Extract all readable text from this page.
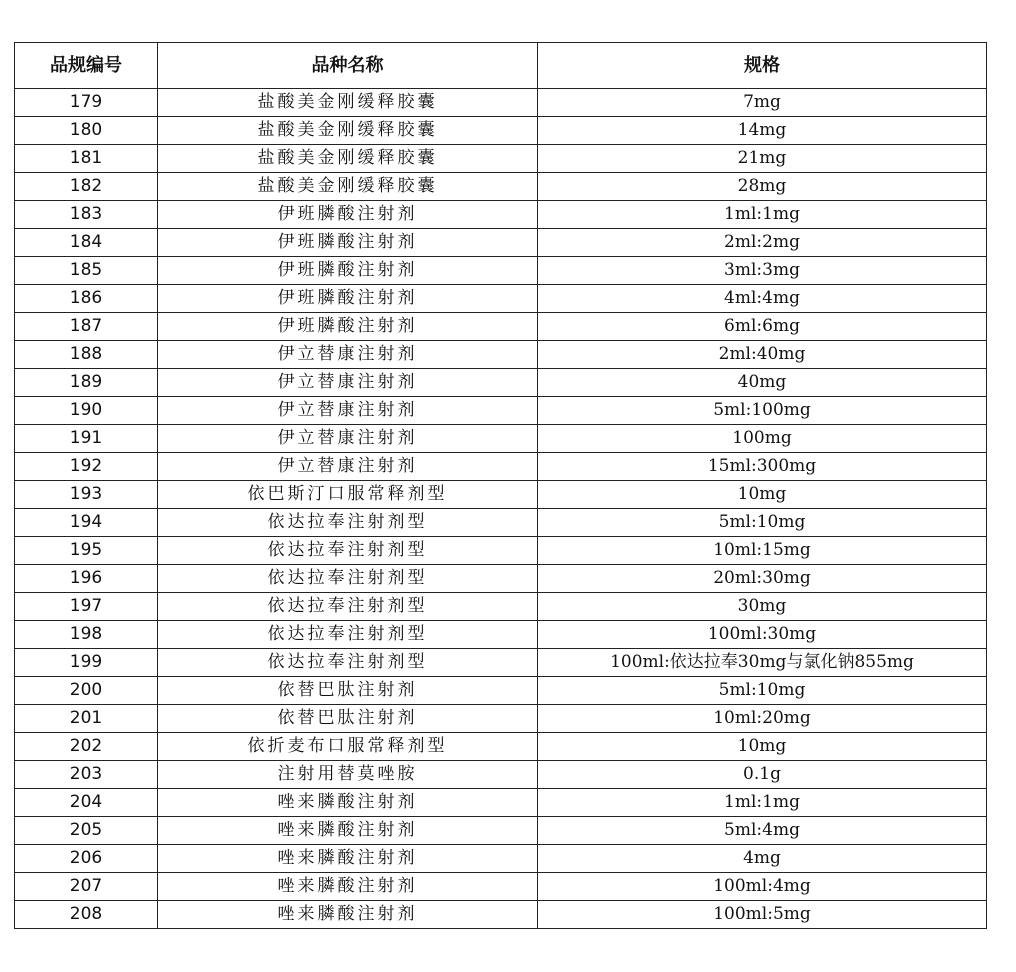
品规编号	品种名称	规格
179	盐酸美金刚缓释胶囊	7mg
180	盐酸美金刚缓释胶囊	14mg
181	盐酸美金刚缓释胶囊	21mg
182	盐酸美金刚缓释胶囊	28mg
183	伊班膦酸注射剂	1ml:1mg
184	伊班膦酸注射剂	2ml:2mg
185	伊班膦酸注射剂	3ml:3mg
186	伊班膦酸注射剂	4ml:4mg
187	伊班膦酸注射剂	6ml:6mg
188	伊立替康注射剂	2ml:40mg
189	伊立替康注射剂	40mg
190	伊立替康注射剂	5ml:100mg
191	伊立替康注射剂	100mg
192	伊立替康注射剂	15ml:300mg
193	依巴斯汀口服常释剂型	10mg
194	依达拉奉注射剂型	5ml:10mg
195	依达拉奉注射剂型	10ml:15mg
196	依达拉奉注射剂型	20ml:30mg
197	依达拉奉注射剂型	30mg
198	依达拉奉注射剂型	100ml:30mg
199	依达拉奉注射剂型	100ml:依达拉奉30mg与氯化钠855mg
200	依替巴肽注射剂	5ml:10mg
201	依替巴肽注射剂	10ml:20mg
202	依折麦布口服常释剂型	10mg
203	注射用替莫唑胺	0.1g
204	唑来膦酸注射剂	1ml:1mg
205	唑来膦酸注射剂	5ml:4mg
206	唑来膦酸注射剂	4mg
207	唑来膦酸注射剂	100ml:4mg
208	唑来膦酸注射剂	100ml:5mg
